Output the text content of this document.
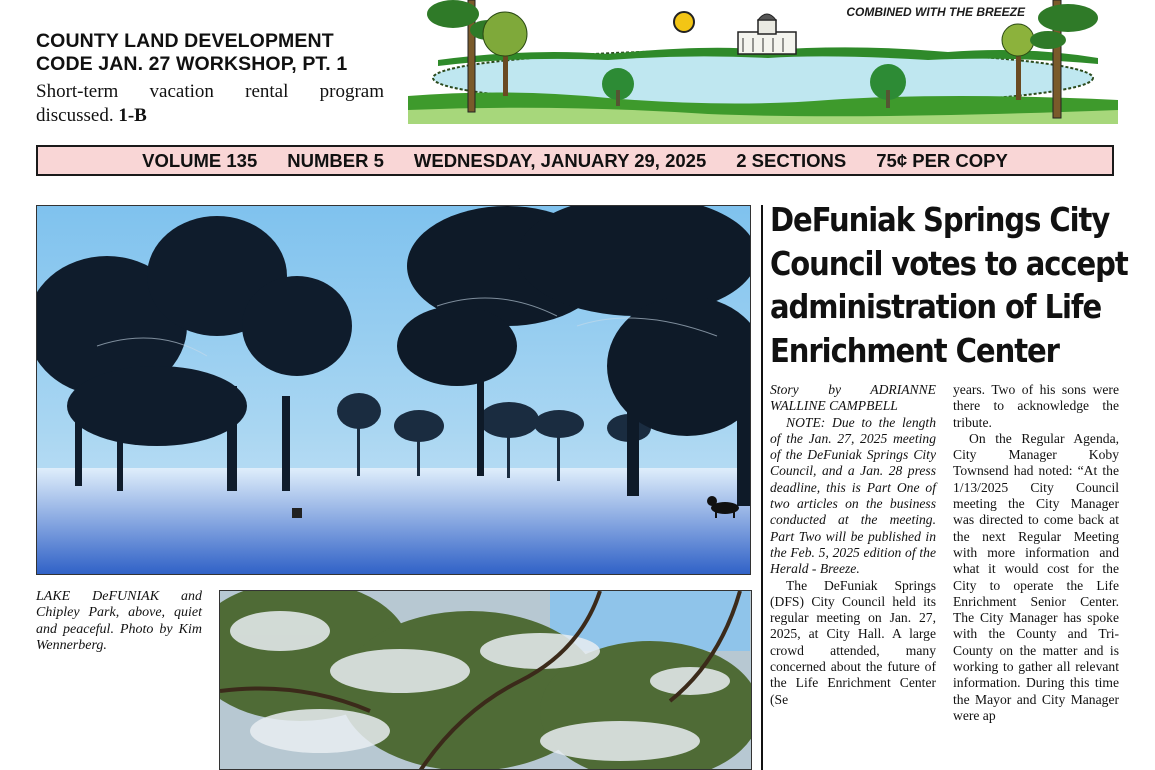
COUNTY LAND DEVELOPMENT CODE JAN. 27 WORKSHOP, PT. 1
Short-term vacation rental program discussed. 1-B
COMBINED WITH THE BREEZE
VOLUME 135 NUMBER 5 WEDNESDAY, JANUARY 29, 2025 2 SECTIONS 75¢ PER COPY
LAKE DeFUNIAK and Chipley Park, above, quiet and peaceful. Photo by Kim Wennerberg.
DeFuniak Springs City Council votes to accept administration of Life Enrichment Center

Story by ADRIANNE WALLINE CAMPBELL

NOTE: Due to the length of the Jan. 27, 2025 meeting of the DeFuniak Springs City Council, and a Jan. 28 press deadline, this is Part One of two articles on the business conducted at the meeting. Part Two will be published in the Feb. 5, 2025 edition of the Herald - Breeze.

The DeFuniak Springs (DFS) City Council held its regular meeting on Jan. 27, 2025, at City Hall. A large crowd attended, many concerned about the future of the Life Enrichment Center (Se

years. Two of his sons were there to acknowledge the tribute.

On the Regular Agenda, City Manager Koby Townsend had noted: “At the 1/13/2025 City Council meeting the City Manager was directed to come back at the next Regular Meeting with more information and what it would cost for the City to operate the Life Enrichment Senior Center. The City Manager has spoke with the County and Tri-County on the matter and is working to gather all relevant information. During this time the Mayor and City Manager were ap
